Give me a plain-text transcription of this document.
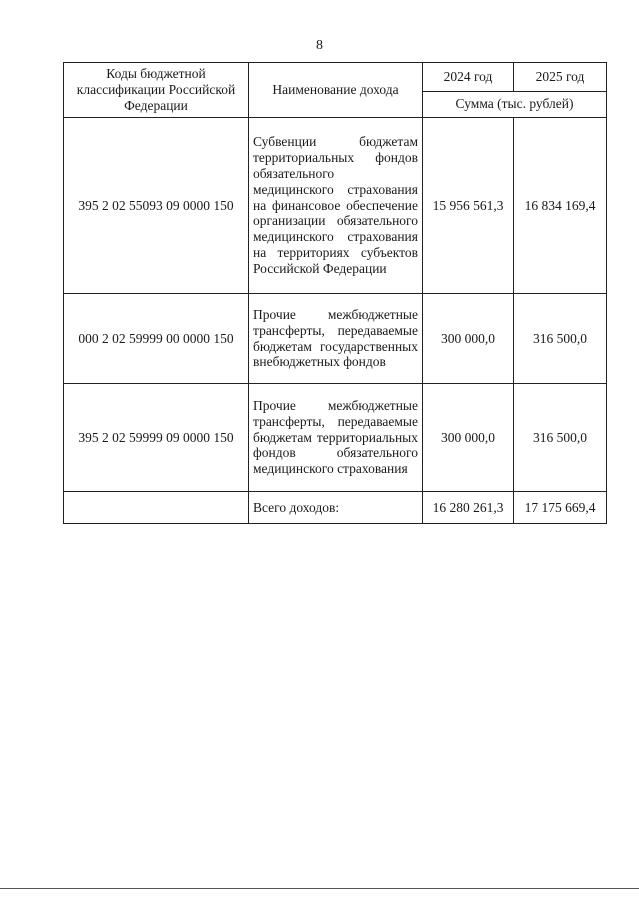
8
Коды бюджетной классификации Российской Федерации	Наименование дохода	2024 год	2025 год
		Сумма (тыс. рублей)	
395 2 02 55093 09 0000 150	Субвенции бюджетам территориальных фондов обязательного медицинского страхования на финансовое обеспечение организации обязательного медицинского страхования на территориях субъектов Российской Федерации	15 956 561,3	16 834 169,4
000 2 02 59999 00 0000 150	Прочие межбюджетные трансферты, передаваемые бюджетам государственных внебюджетных фондов	300 000,0	316 500,0
395 2 02 59999 09 0000 150	Прочие межбюджетные трансферты, передаваемые бюджетам территориальных фондов обязательного медицинского страхования	300 000,0	316 500,0
	Всего доходов:	16 280 261,3	17 175 669,4
